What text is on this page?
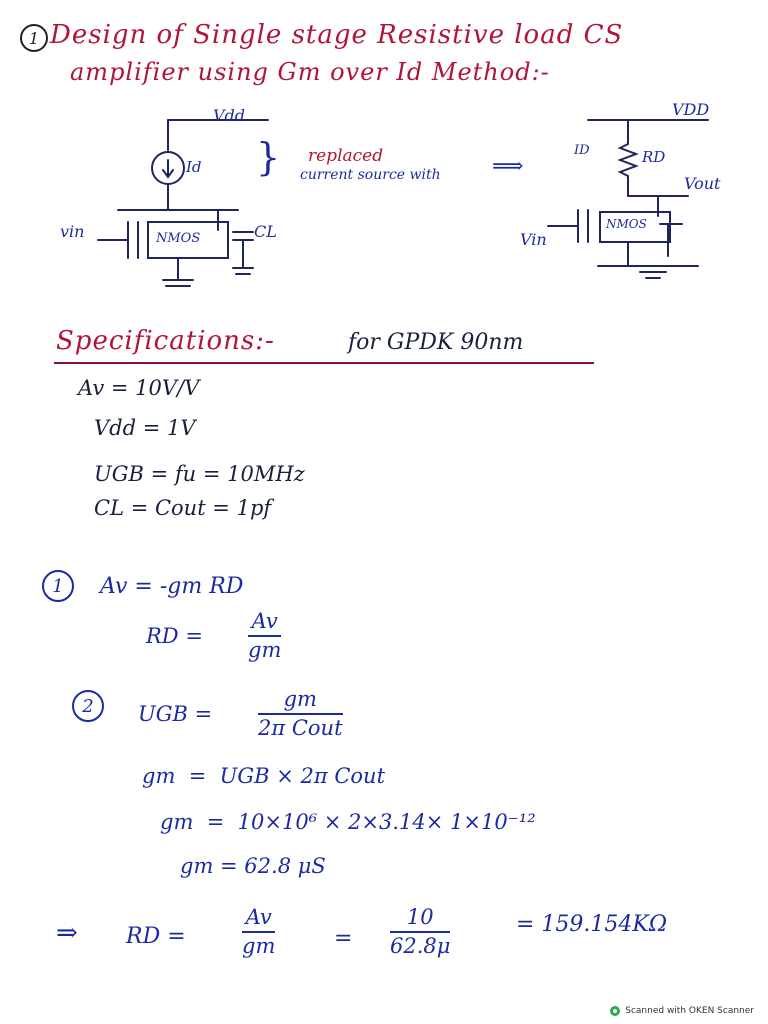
1 Design of Single stage Resistive load CS
amplifier using Gm over Id Method:-
Vdd
Id
vin	NMOS	CL
} replaced
current source with ⟹
VDD
ID	RD
Vout
Vin
NMOS
Specifications:-	for GPDK 90nm
Av = 10V/V
Vdd = 1V
UGB = fu = 10MHz
CL = Cout = 1pf
1	Av = -gm RD
RD =
Av
gm
2	UGB =
gm
2π Cout
gm  =  UGB × 2π Cout
gm  =  10×10⁶ × 2×3.14× 1×10⁻¹²
gm = 62.8 μS
⇒ RD =
Av
gm	=
10
62.8μ
= 159.154KΩ
Scanned with OKEN Scanner
